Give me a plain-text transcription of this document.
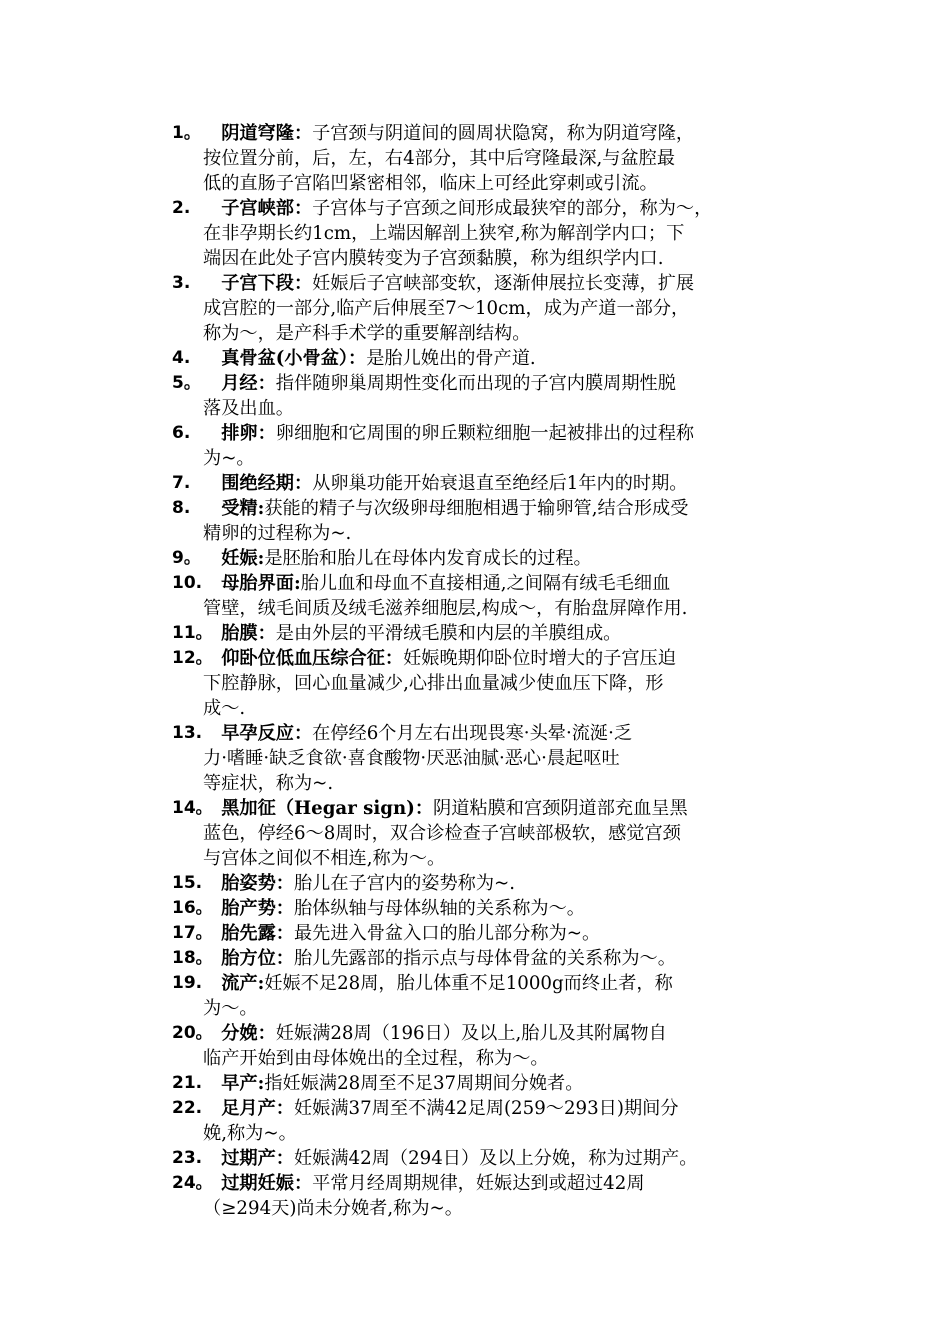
1。
　	阴道穹隆：子宫颈与阴道间的圆周状隐窝，称为阴道穹隆，
按位置分前，后，左，右4部分，其中后穹隆最深,与盆腔最
低的直肠子宫陷凹紧密相邻，临床上可经此穿刺或引流。
2.
　	子宫峡部：子宫体与子宫颈之间形成最狭窄的部分，称为～，
在非孕期长约1cm，上端因解剖上狭窄,称为解剖学内口；下
端因在此处子宫内膜转变为子宫颈黏膜，称为组织学内口.
3.
　	子宫下段：妊娠后子宫峡部变软，逐渐伸展拉长变薄，扩展
成宫腔的一部分,临产后伸展至7～10cm，成为产道一部分，
称为～，是产科手术学的重要解剖结构。
4.
　	真骨盆(小骨盆）：是胎儿娩出的骨产道.
5。
　	月经：指伴随卵巢周期性变化而出现的子宫内膜周期性脱
落及出血。
6.
　	排卵：卵细胞和它周围的卵丘颗粒细胞一起被排出的过程称
为~。
7.
　	围绝经期：从卵巢功能开始衰退直至绝经后1年内的时期。
8.
　	受精:获能的精子与次级卵母细胞相遇于输卵管,结合形成受
精卵的过程称为~.
9。
　	妊娠:是胚胎和胎儿在母体内发育成长的过程。
10.
　	母胎界面:胎儿血和母血不直接相通,之间隔有绒毛毛细血
管壁，绒毛间质及绒毛滋养细胞层,构成～，有胎盘屏障作用.
11。
　 胎膜：是由外层的平滑绒毛膜和内层的羊膜组成。
12。
　 仰卧位低血压综合征：妊娠晚期仰卧位时增大的子宫压迫
下腔静脉，回心血量减少,心排出血量减少使血压下降，形
成～.
13.
　	早孕反应：在停经6个月左右出现畏寒·头晕·流涎·乏
力·嗜睡·缺乏食欲·喜食酸物·厌恶油腻·恶心·晨起呕吐
等症状，称为~.
14。
　 黑加征（Hegar sign)：阴道粘膜和宫颈阴道部充血呈黑
蓝色，停经6～8周时，双合诊检查子宫峡部极软，感觉宫颈
与宫体之间似不相连,称为～。
15.
　	胎姿势：胎儿在子宫内的姿势称为~.
16。
　 胎产势：胎体纵轴与母体纵轴的关系称为～。
17。
　 胎先露：最先进入骨盆入口的胎儿部分称为~。
18。
　 胎方位：胎儿先露部的指示点与母体骨盆的关系称为～。
19.
　	流产:妊娠不足28周，胎儿体重不足1000g而终止者，称
为～。
20。
　 分娩：妊娠满28周（196日）及以上,胎儿及其附属物自
临产开始到由母体娩出的全过程，称为～。
21.
　	早产:指妊娠满28周至不足37周期间分娩者。
22.
　	足月产：妊娠满37周至不满42足周(259～293日)期间分
娩,称为~。
23.
　	过期产：妊娠满42周（294日）及以上分娩，称为过期产。
24。
　 过期妊娠：平常月经周期规律，妊娠达到或超过42周
（≥294天)尚未分娩者,称为~。
